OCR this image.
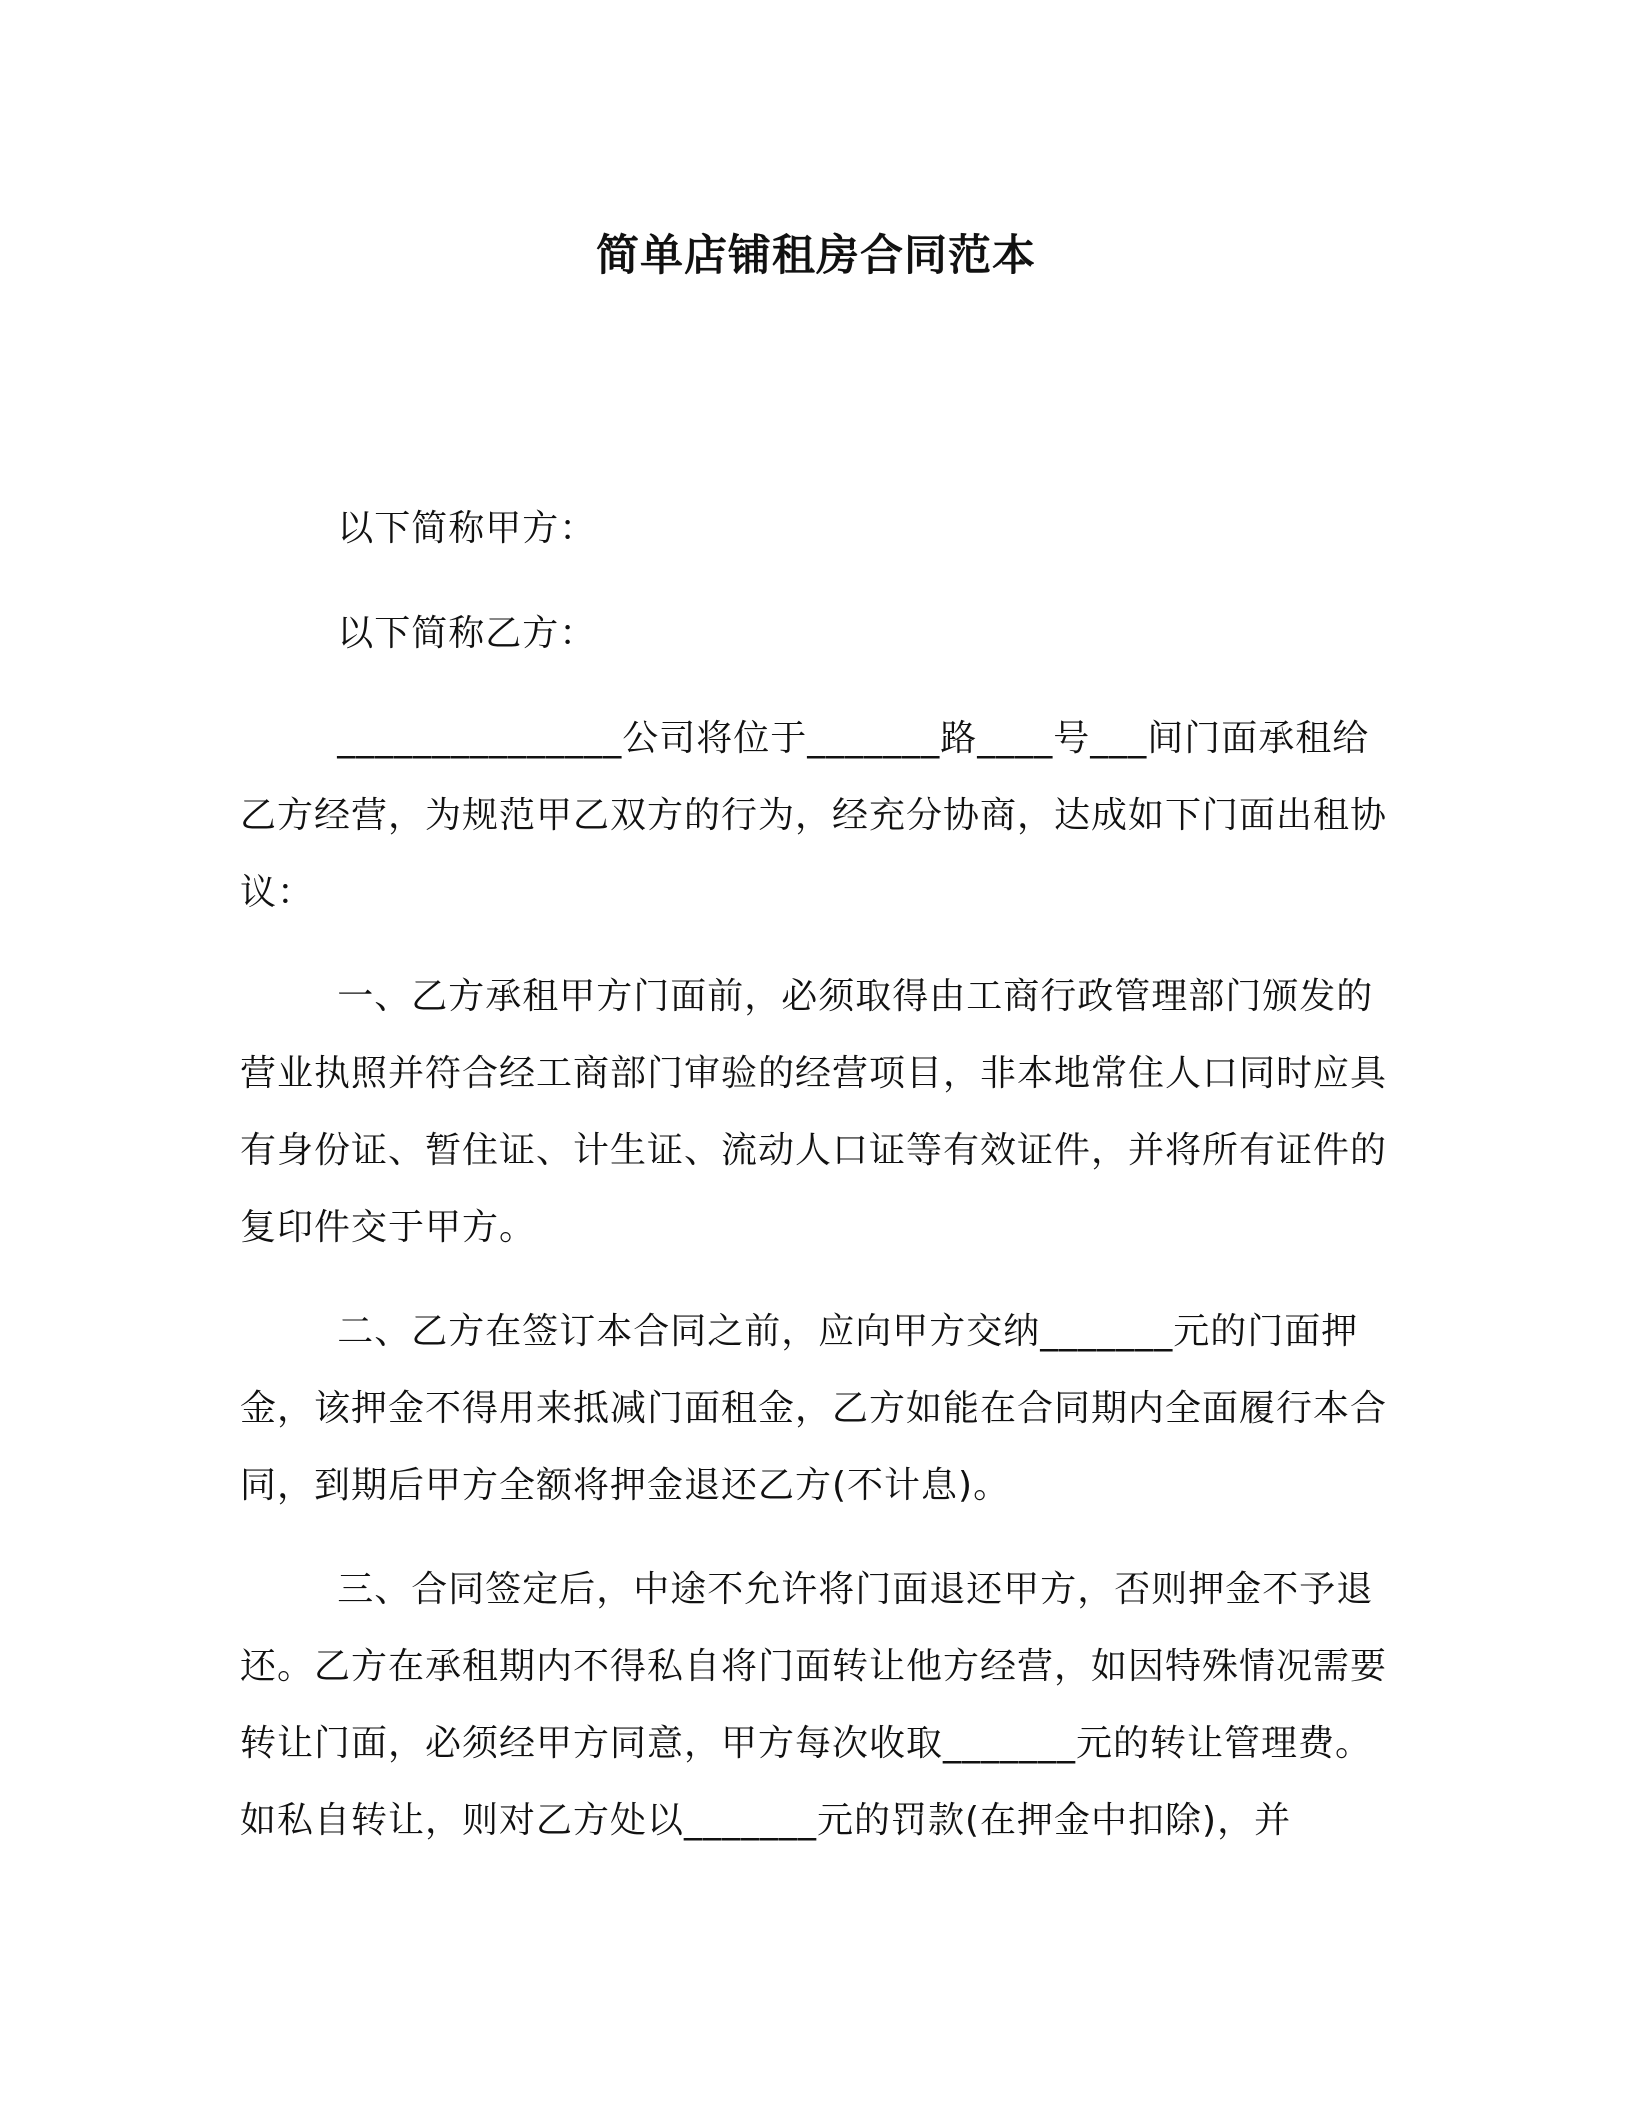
简单店铺租房合同范本

以下简称甲方：

以下简称乙方：

_______________公司将位于_______路____号___间门面承租给乙方经营，为规范甲乙双方的行为，经充分协商，达成如下门面出租协议：

一、乙方承租甲方门面前，必须取得由工商行政管理部门颁发的营业执照并符合经工商部门审验的经营项目，非本地常住人口同时应具有身份证、暂住证、计生证、流动人口证等有效证件，并将所有证件的复印件交于甲方。

二、乙方在签订本合同之前，应向甲方交纳_______元的门面押金，该押金不得用来抵减门面租金，乙方如能在合同期内全面履行本合同，到期后甲方全额将押金退还乙方(不计息)。

三、合同签定后，中途不允许将门面退还甲方，否则押金不予退还。乙方在承租期内不得私自将门面转让他方经营，如因特殊情况需要转让门面，必须经甲方同意，甲方每次收取_______元的转让管理费。如私自转让，则对乙方处以_______元的罚款(在押金中扣除)，并
